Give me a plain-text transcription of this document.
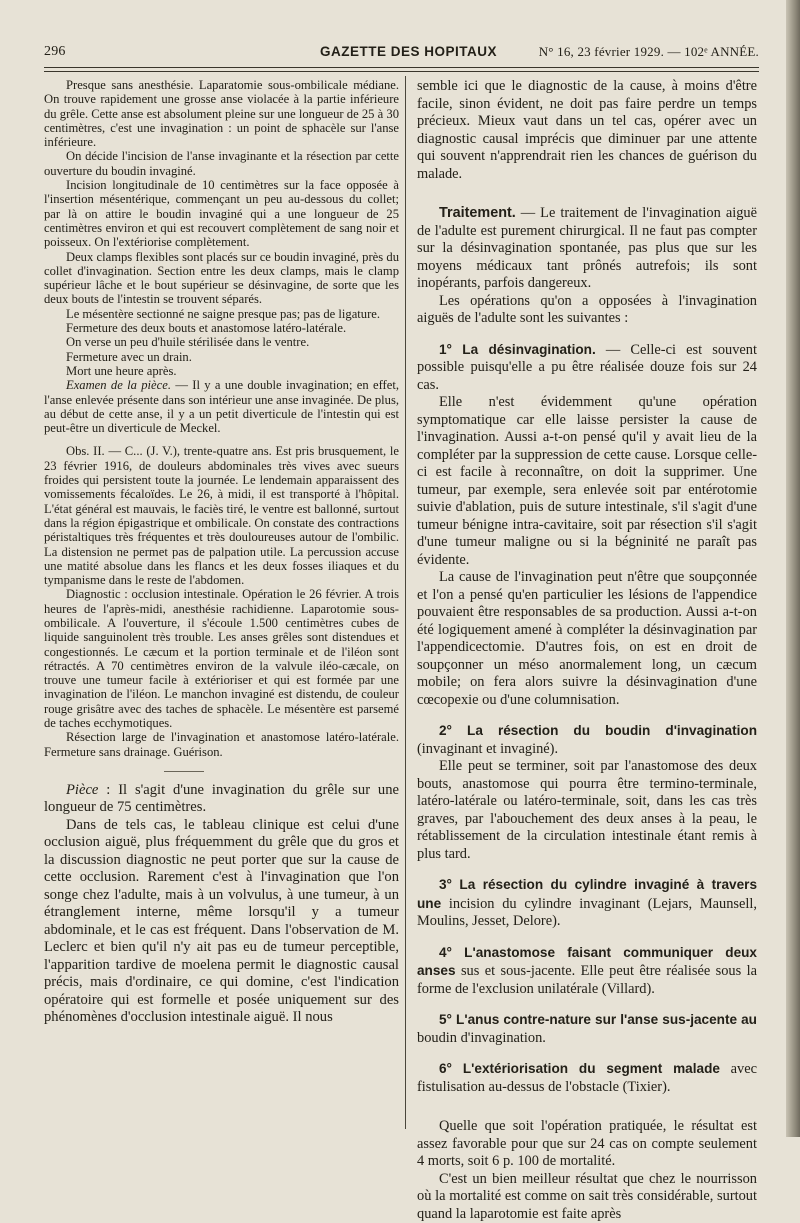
296	GAZETTE DES HOPITAUX	N° 16, 23 février 1929. — 102ᵉ ANNÉE.

Presque sans anesthésie. Laparatomie sous-ombilicale médiane. On trouve rapidement une grosse anse violacée à la partie inférieure du grêle. Cette anse est absolument pleine sur une longueur de 25 à 30 centimètres, c'est une invagination : un point de sphacèle sur l'anse inférieure.

On décide l'incision de l'anse invaginante et la résection par cette ouverture du boudin invaginé.

Incision longitudinale de 10 centimètres sur la face opposée à l'insertion mésentérique, commençant un peu au-dessous du collet; par là on attire le boudin invaginé qui a une longueur de 25 centimètres environ et qui est recouvert complètement de sang noir et poisseux. On l'extériorise complètement.

Deux clamps flexibles sont placés sur ce boudin invaginé, près du collet d'invagination. Section entre les deux clamps, mais le clamp supérieur lâche et le bout supérieur se désinvagine, de sorte que les deux bouts de l'intestin se trouvent séparés.

Le mésentère sectionné ne saigne presque pas; pas de ligature.

Fermeture des deux bouts et anastomose latéro-latérale.

On verse un peu d'huile stérilisée dans le ventre.

Fermeture avec un drain.

Mort une heure après.

Examen de la pièce. — Il y a une double invagination; en effet, l'anse enlevée présente dans son intérieur une anse invaginée. De plus, au début de cette anse, il y a un petit diverticule de l'intestin qui est peut-être un diverticule de Meckel.

Obs. II. — C... (J. V.), trente-quatre ans. Est pris brusquement, le 23 février 1916, de douleurs abdominales très vives avec sueurs froides qui persistent toute la journée. Le lendemain apparaissent des vomissements fécaloïdes. Le 26, à midi, il est transporté à l'hôpital. L'état général est mauvais, le faciès tiré, le ventre est ballonné, surtout dans la région épigastrique et ombilicale. On constate des contractions péristaltiques très fréquentes et très douloureuses autour de l'ombilic. La distension ne permet pas de palpation utile. La percussion accuse une matité absolue dans les flancs et les deux fosses iliaques et du tympanisme dans le reste de l'abdomen.

Diagnostic : occlusion intestinale. Opération le 26 février. A trois heures de l'après-midi, anesthésie rachidienne. Laparotomie sous-ombilicale. A l'ouverture, il s'écoule 1.500 centimètres cubes de liquide sanguinolent très trouble. Les anses grêles sont distendues et congestionnés. Le cæcum et la portion terminale et de l'iléon sont rétractés. A 70 centimètres environ de la valvule iléo-cæcale, on trouve une tumeur facile à extérioriser et qui est formée par une invagination de l'iléon. Le manchon invaginé est distendu, de couleur rouge grisâtre avec des taches de sphacèle. Le mésentère est parsemé de taches ecchymotiques.

Résection large de l'invagination et anastomose latéro-latérale. Fermeture sans drainage. Guérison.

Pièce : Il s'agit d'une invagination du grêle sur une longueur de 75 centimètres.

Dans de tels cas, le tableau clinique est celui d'une occlusion aiguë, plus fréquemment du grêle que du gros et la discussion diagnostic ne peut porter que sur la cause de cette occlusion. Rarement c'est à l'invagination que l'on songe chez l'adulte, mais à un volvulus, à une tumeur, à un étranglement interne, même lorsqu'il y a tumeur abdominale, et le cas est fréquent. Dans l'observation de M. Leclerc et bien qu'il n'y ait pas eu de tumeur perceptible, l'apparition tardive de moelena permit le diagnostic causal précis, mais d'ordinaire, ce qui domine, c'est l'indication opératoire qui est formelle et posée uniquement sur des phénomènes d'occlusion intestinale aiguë. Il nous

semble ici que le diagnostic de la cause, à moins d'être facile, sinon évident, ne doit pas faire perdre un temps précieux. Mieux vaut dans un tel cas, opérer avec un diagnostic causal imprécis que diminuer par une attente qui souvent n'apprendrait rien les chances de guérison du malade.

Traitement. — Le traitement de l'invagination aiguë de l'adulte est purement chirurgical. Il ne faut pas compter sur la désinvagination spontanée, pas plus que sur les moyens médicaux tant prônés autrefois; ils sont inopérants, parfois dangereux.

Les opérations qu'on a opposées à l'invagination aiguës de l'adulte sont les suivantes :

1° La désinvagination. — Celle-ci est souvent possible puisqu'elle a pu être réalisée douze fois sur 24 cas.

Elle n'est évidemment qu'une opération symptomatique car elle laisse persister la cause de l'invagination. Aussi a-t-on pensé qu'il y avait lieu de la compléter par la suppression de cette cause. Lorsque celle-ci est facile à reconnaître, on doit la supprimer. Une tumeur, par exemple, sera enlevée soit par entérotomie suivie d'ablation, puis de suture intestinale, s'il s'agit d'une tumeur bénigne intra-cavitaire, soit par résection s'il s'agit d'une tumeur maligne ou si la bégninité ne paraît pas évidente.

La cause de l'invagination peut n'être que soupçonnée et l'on a pensé qu'en particulier les lésions de l'appendice pouvaient être responsables de sa production. Aussi a-t-on été logiquement amené à compléter la désinvagination par l'appendicectomie. D'autres fois, on est en droit de soupçonner un méso anormalement long, un cæcum mobile; on fera alors suivre la désinvagination d'une cœcopexie ou d'une columnisation.

2° La résection du boudin d'invagination (invaginant et invaginé).

Elle peut se terminer, soit par l'anastomose des deux bouts, anastomose qui pourra être termino-terminale, latéro-latérale ou latéro-terminale, soit, dans les cas très graves, par l'abouchement des deux anses à la peau, le rétablissement de la circulation intestinale étant remis à plus tard.

3° La résection du cylindre invaginé à travers une incision du cylindre invaginant (Lejars, Maunsell, Moulins, Jesset, Delore).

4° L'anastomose faisant communiquer deux anses sus et sous-jacente. Elle peut être réalisée sous la forme de l'exclusion unilatérale (Villard).

5° L'anus contre-nature sur l'anse sus-jacente au boudin d'invagination.

6° L'extériorisation du segment malade avec fistulisation au-dessus de l'obstacle (Tixier).

Quelle que soit l'opération pratiquée, le résultat est assez favorable pour que sur 24 cas on compte seulement 4 morts, soit 6 p. 100 de mortalité.

C'est un bien meilleur résultat que chez le nourrisson où la mortalité est comme on sait très considérable, surtout quand la laparotomie est faite après
